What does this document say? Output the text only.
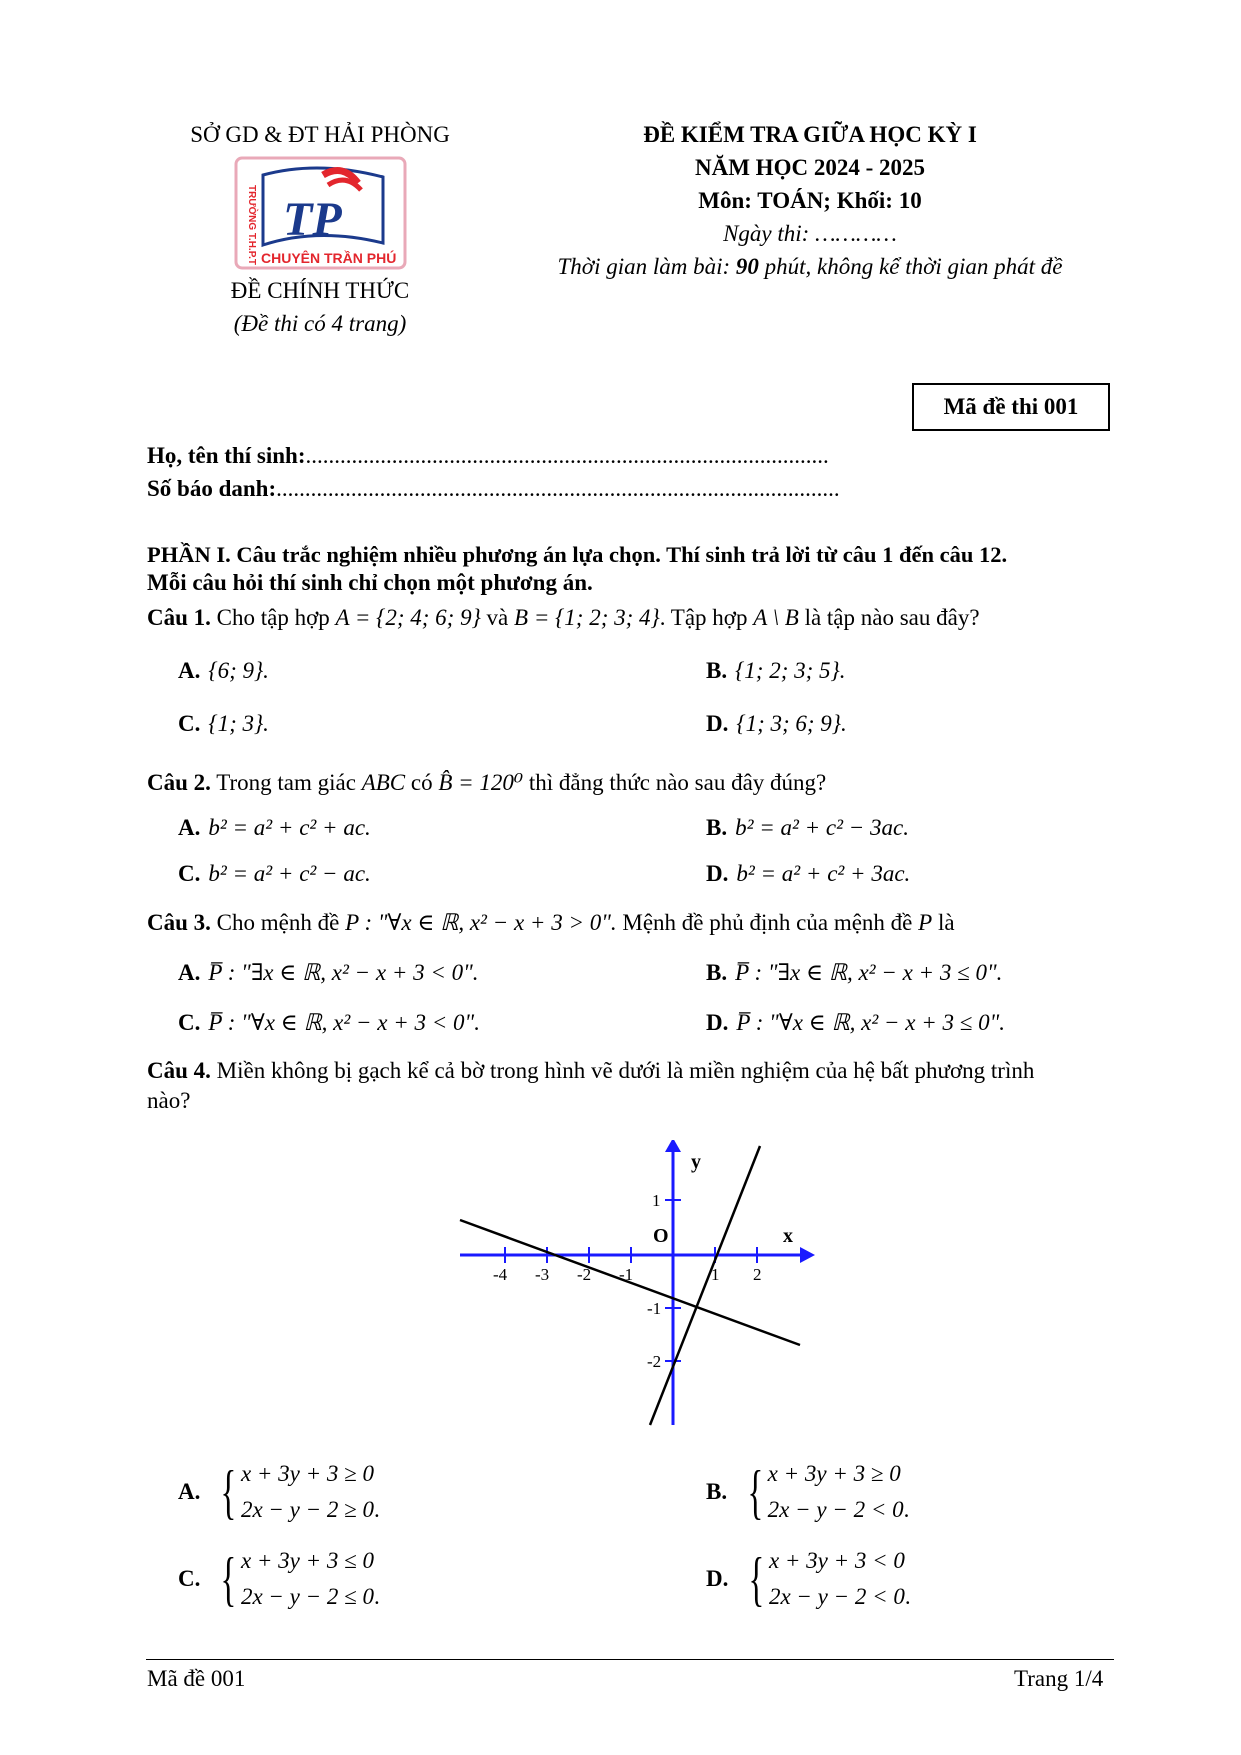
SỞ GD & ĐT HẢI PHÒNG
TP
TRƯỜNG T.H.P.T CHUYÊN TRẦN PHÚ
ĐỀ CHÍNH THỨC
(Đề thi có 4 trang)
ĐỀ KIỂM TRA GIỮA HỌC KỲ I
NĂM HỌC 2024 - 2025
Môn: TOÁN; Khối: 10
Ngày thi: …………
Thời gian làm bài: 90 phút, không kể thời gian phát đề
Mã đề thi 001
Họ, tên thí sinh:...........................................................................................
Số báo danh:..................................................................................................
PHẦN I. Câu trắc nghiệm nhiều phương án lựa chọn. Thí sinh trả lời từ câu 1 đến câu 12.
Mỗi câu hỏi thí sinh chỉ chọn một phương án.
Câu 1. Cho tập hợp A = {2; 4; 6; 9} và B = {1; 2; 3; 4}. Tập hợp A \ B là tập nào sau đây?
A. {6; 9}.	B. {1; 2; 3; 5}.
C. {1; 3}.	D. {1; 3; 6; 9}.
Câu 2. Trong tam giác ABC có B̂ = 120⁰ thì đẳng thức nào sau đây đúng?
A. b² = a² + c² + ac.	B. b² = a² + c² − 3ac.
C. b² = a² + c² − ac.	D. b² = a² + c² + 3ac.
Câu 3. Cho mệnh đề P : "∀x ∈ ℝ, x² − x + 3 > 0". Mệnh đề phủ định của mệnh đề P là
A. P̅ : "∃x ∈ ℝ, x² − x + 3 < 0".	B. P̅ : "∃x ∈ ℝ, x² − x + 3 ≤ 0".
C. P̅ : "∀x ∈ ℝ, x² − x + 3 < 0".	D. P̅ : "∀x ∈ ℝ, x² − x + 3 ≤ 0".
Câu 4. Miền không bị gạch kể cả bờ trong hình vẽ dưới là miền nghiệm của hệ bất phương trình
nào?
-4 -3 -2 -1	1 2
1
-1
-2
O	x
y
A. { x + 3y + 3 ≥ 0
2x − y − 2 ≥ 0 .
B. { x + 3y + 3 ≥ 0
2x − y − 2 < 0 .
C. { x + 3y + 3 ≤ 0
2x − y − 2 ≤ 0 .
D. { x + 3y + 3 < 0
2x − y − 2 < 0 .
Mã đề 001	Trang 1/4
